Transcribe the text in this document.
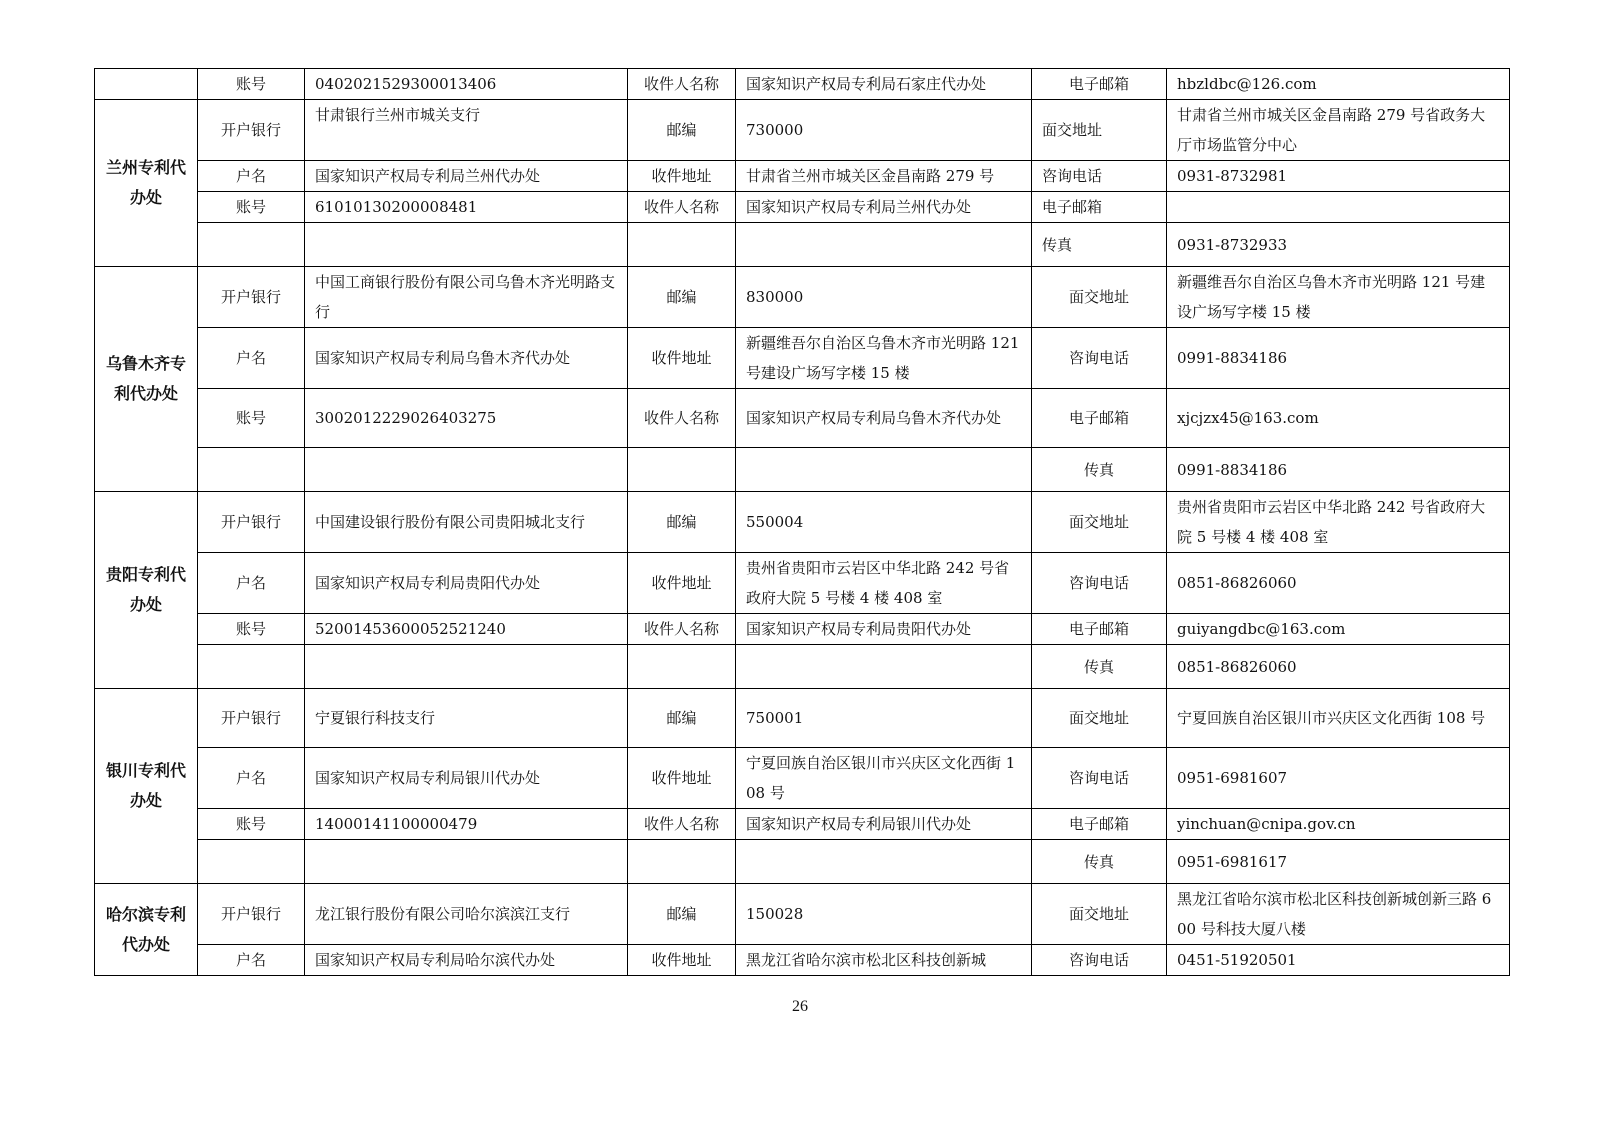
	账号	0402021529300013406	收件人名称	国家知识产权局专利局石家庄代办处	电子邮箱	hbzldbc@126.com
兰州专利代办处	开户银行	甘肃银行兰州市城关支行	邮编	730000	面交地址	甘肃省兰州市城关区金昌南路 279 号省政务大厅市场监管分中心
	户名	国家知识产权局专利局兰州代办处	收件地址	甘肃省兰州市城关区金昌南路 279 号	咨询电话	0931-8732981
	账号	61010130200008481	收件人名称	国家知识产权局专利局兰州代办处	电子邮箱	
					传真	0931-8732933
乌鲁木齐专利代办处	开户银行	中国工商银行股份有限公司乌鲁木齐光明路支行	邮编	830000	面交地址	新疆维吾尔自治区乌鲁木齐市光明路 121 号建设广场写字楼 15 楼
	户名	国家知识产权局专利局乌鲁木齐代办处	收件地址	新疆维吾尔自治区乌鲁木齐市光明路 121 号建设广场写字楼 15 楼	咨询电话	0991-8834186
	账号	3002012229026403275	收件人名称	国家知识产权局专利局乌鲁木齐代办处	电子邮箱	xjcjzx45@163.com
					传真	0991-8834186
贵阳专利代办处	开户银行	中国建设银行股份有限公司贵阳城北支行	邮编	550004	面交地址	贵州省贵阳市云岩区中华北路 242 号省政府大院 5 号楼 4 楼 408 室
	户名	国家知识产权局专利局贵阳代办处	收件地址	贵州省贵阳市云岩区中华北路 242 号省政府大院 5 号楼 4 楼 408 室	咨询电话	0851-86826060
	账号	52001453600052521240	收件人名称	国家知识产权局专利局贵阳代办处	电子邮箱	guiyangdbc@163.com
					传真	0851-86826060
银川专利代办处	开户银行	宁夏银行科技支行	邮编	750001	面交地址	宁夏回族自治区银川市兴庆区文化西街 108 号
	户名	国家知识产权局专利局银川代办处	收件地址	宁夏回族自治区银川市兴庆区文化西街 108 号	咨询电话	0951-6981607
	账号	14000141100000479	收件人名称	国家知识产权局专利局银川代办处	电子邮箱	yinchuan@cnipa.gov.cn
					传真	0951-6981617
哈尔滨专利代办处	开户银行	龙江银行股份有限公司哈尔滨滨江支行	邮编	150028	面交地址	黑龙江省哈尔滨市松北区科技创新城创新三路 600 号科技大厦八楼
	户名	国家知识产权局专利局哈尔滨代办处	收件地址	黑龙江省哈尔滨市松北区科技创新城	咨询电话	0451-51920501
26
